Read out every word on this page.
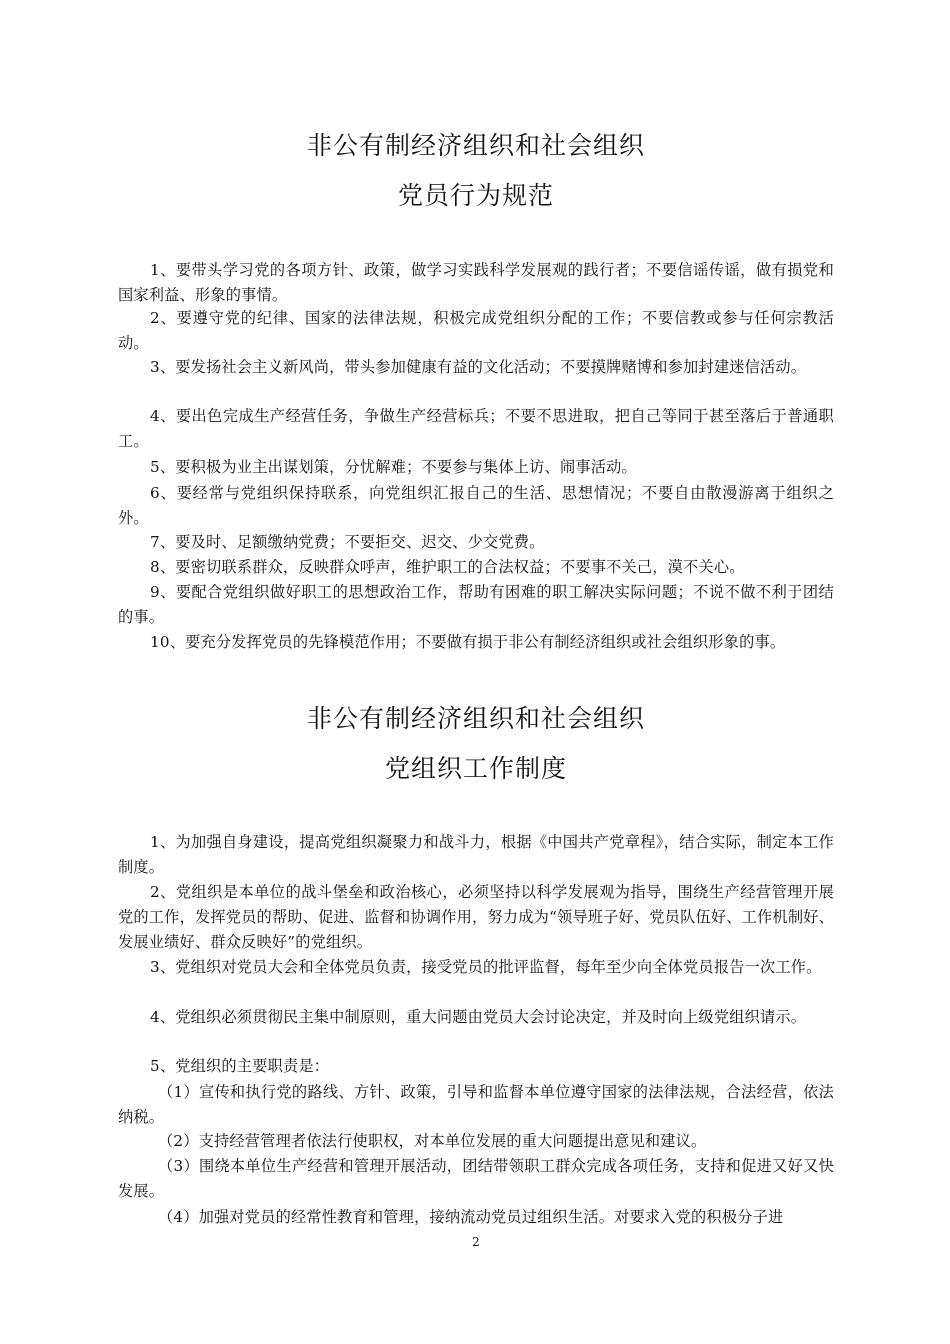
非公有制经济组织和社会组织
党员行为规范

1、要带头学习党的各项方针、政策，做学习实践科学发展观的践行者；不要信谣传谣，做有损党和国家利益、形象的事情。

2、要遵守党的纪律、国家的法律法规，积极完成党组织分配的工作；不要信教或参与任何宗教活动。

3、要发扬社会主义新风尚，带头参加健康有益的文化活动；不要摸牌赌博和参加封建迷信活动。

4、要出色完成生产经营任务，争做生产经营标兵；不要不思进取，把自己等同于甚至落后于普通职工。

5、要积极为业主出谋划策，分忧解难；不要参与集体上访、闹事活动。

6、要经常与党组织保持联系，向党组织汇报自己的生活、思想情况；不要自由散漫游离于组织之外。

7、要及时、足额缴纳党费；不要拒交、迟交、少交党费。

8、要密切联系群众，反映群众呼声，维护职工的合法权益；不要事不关己，漠不关心。

9、要配合党组织做好职工的思想政治工作，帮助有困难的职工解决实际问题；不说不做不利于团结的事。

10、要充分发挥党员的先锋模范作用；不要做有损于非公有制经济组织或社会组织形象的事。

非公有制经济组织和社会组织
党组织工作制度

1、为加强自身建设，提高党组织凝聚力和战斗力，根据《中国共产党章程》，结合实际，制定本工作制度。

2、党组织是本单位的战斗堡垒和政治核心，必须坚持以科学发展观为指导，围绕生产经营管理开展党的工作，发挥党员的帮助、促进、监督和协调作用，努力成为“领导班子好、党员队伍好、工作机制好、发展业绩好、群众反映好”的党组织。

3、党组织对党员大会和全体党员负责，接受党员的批评监督，每年至少向全体党员报告一次工作。

4、党组织必须贯彻民主集中制原则，重大问题由党员大会讨论决定，并及时向上级党组织请示。

5、党组织的主要职责是：

（1）宣传和执行党的路线、方针、政策，引导和监督本单位遵守国家的法律法规，合法经营，依法纳税。

（2）支持经营管理者依法行使职权，对本单位发展的重大问题提出意见和建议。

（3）围绕本单位生产经营和管理开展活动，团结带领职工群众完成各项任务，支持和促进又好又快发展。

（4）加强对党员的经常性教育和管理，接纳流动党员过组织生活。对要求入党的积极分子进

2
